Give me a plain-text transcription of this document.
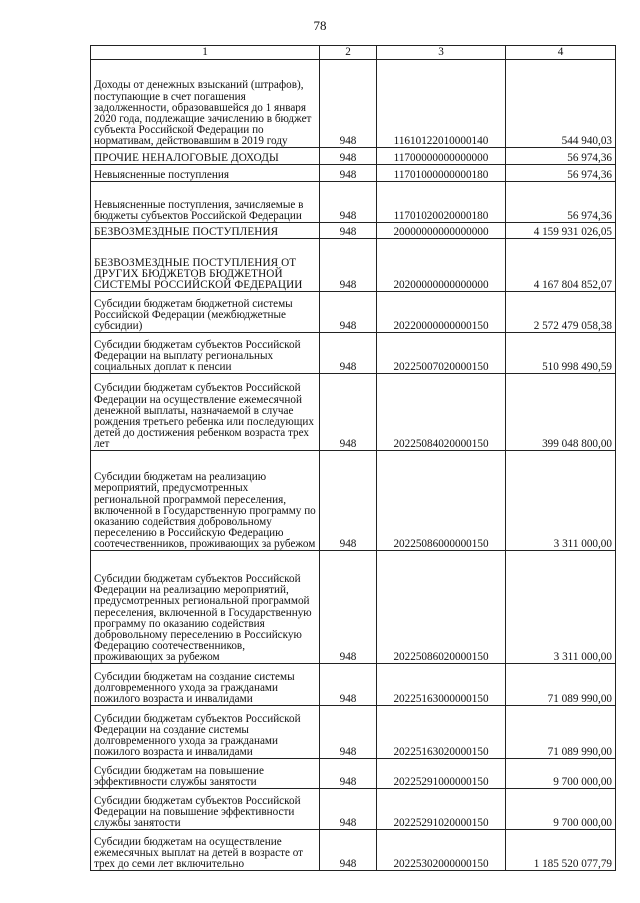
78
1	2	3	4
Доходы от денежных взысканий (штрафов), поступающие в счет погашения задолженности, образовавшейся до 1 января 2020 года, подлежащие зачислению в бюджет субъекта Российской Федерации по нормативам, действовавшим в 2019 году	948	11610122010000140	544 940,03
ПРОЧИЕ НЕНАЛОГОВЫЕ ДОХОДЫ	948	11700000000000000	56 974,36
Невыясненные поступления	948	11701000000000180	56 974,36
Невыясненные поступления, зачисляемые в бюджеты субъектов Российской Федерации	948	11701020020000180	56 974,36
БЕЗВОЗМЕЗДНЫЕ ПОСТУПЛЕНИЯ	948	20000000000000000	4 159 931 026,05
БЕЗВОЗМЕЗДНЫЕ ПОСТУПЛЕНИЯ ОТ ДРУГИХ БЮДЖЕТОВ БЮДЖЕТНОЙ СИСТЕМЫ РОССИЙСКОЙ ФЕДЕРАЦИИ	948	20200000000000000	4 167 804 852,07
Субсидии бюджетам бюджетной системы Российской Федерации (межбюджетные субсидии)	948	20220000000000150	2 572 479 058,38
Субсидии бюджетам субъектов Российской Федерации на выплату региональных социальных доплат к пенсии	948	20225007020000150	510 998 490,59
Субсидии бюджетам субъектов Российской Федерации на осуществление ежемесячной денежной выплаты, назначаемой в случае рождения третьего ребенка или последующих детей до достижения ребенком возраста трех лет	948	20225084020000150	399 048 800,00
Субсидии бюджетам на реализацию мероприятий, предусмотренных региональной программой переселения, включенной в Государственную программу по оказанию содействия добровольному переселению в Российскую Федерацию соотечественников, проживающих за рубежом	948	20225086000000150	3 311 000,00
Субсидии бюджетам субъектов Российской Федерации на реализацию мероприятий, предусмотренных региональной программой переселения, включенной в Государственную программу по оказанию содействия добровольному переселению в Российскую Федерацию соотечественников, проживающих за рубежом	948	20225086020000150	3 311 000,00
Субсидии бюджетам на создание системы долговременного ухода за гражданами пожилого возраста и инвалидами	948	20225163000000150	71 089 990,00
Субсидии бюджетам субъектов Российской Федерации на создание системы долговременного ухода за гражданами пожилого возраста и инвалидами	948	20225163020000150	71 089 990,00
Субсидии бюджетам на повышение эффективности службы занятости	948	20225291000000150	9 700 000,00
Субсидии бюджетам субъектов Российской Федерации на повышение эффективности службы занятости	948	20225291020000150	9 700 000,00
Субсидии бюджетам на осуществление ежемесячных выплат на детей в возрасте от трех до семи лет включительно	948	20225302000000150	1 185 520 077,79
